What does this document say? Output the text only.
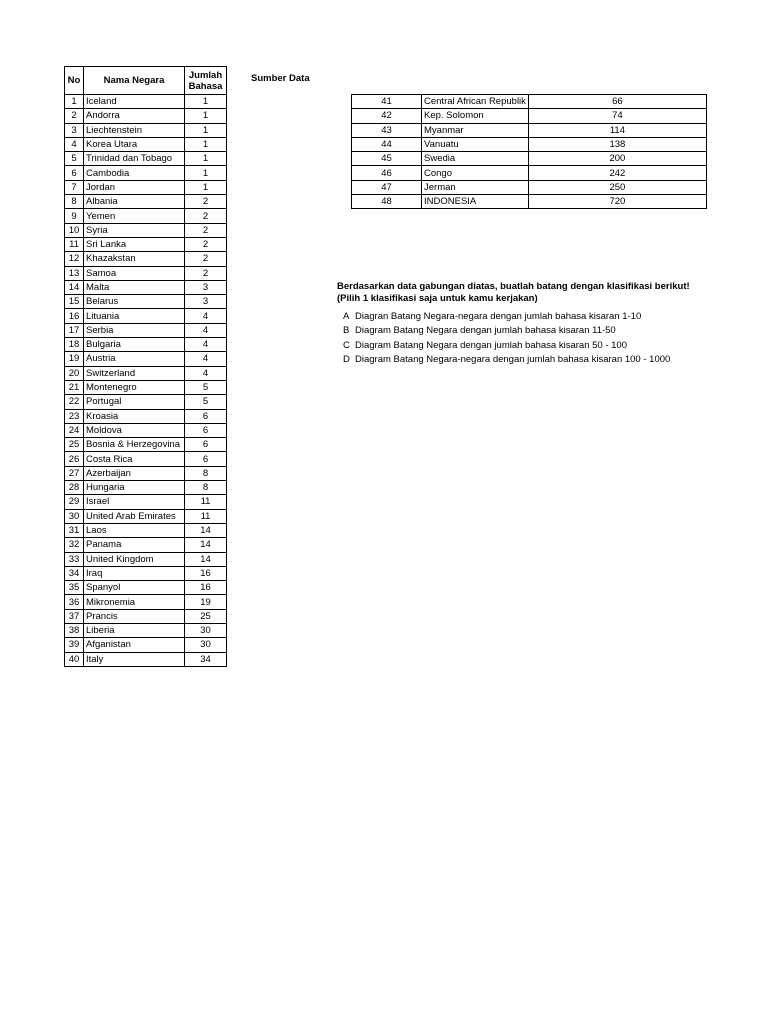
No	Nama Negara	Jumlah
Bahasa
1	Iceland	1
2	Andorra	1
3	Liechtenstein	1
4	Korea Utara	1
5	Trinidad dan Tobago	1
6	Cambodia	1
7	Jordan	1
8	Albania	2
9	Yemen	2
10	Syria	2
11	Sri Lanka	2
12	Khazakstan	2
13	Samoa	2
14	Malta	3
15	Belarus	3
16	Lituania	4
17	Serbia	4
18	Bulgaria	4
19	Austria	4
20	Switzerland	4
21	Montenegro	5
22	Portugal	5
23	Kroasia	6
24	Moldova	6
25	Bosnia & Herzegovina	6
26	Costa Rica	6
27	Azerbaijan	8
28	Hungaria	8
29	Israel	11
30	United Arab Emirates	11
31	Laos	14
32	Panama	14
33	United Kingdom	14
34	Iraq	16
35	Spanyol	16
36	Mikronemia	19
37	Prancis	25
38	Liberia	30
39	Afganistan	30
40	Italy	34
Sumber Data
41	Central African Republik	66
42	Kep. Solomon	74
43	Myanmar	114
44	Vanuatu	138
45	Swedia	200
46	Congo	242
47	Jerman	250
48	INDONESIA	720
Berdasarkan data gabungan diatas, buatlah batang dengan klasifikasi berikut!
(Pilih 1 klasifikasi saja untuk kamu kerjakan)
A Diagran Batang Negara-negara dengan jumlah bahasa kisaran 1-10
B Diagram Batang Negara dengan jumlah bahasa kisaran 11-50
C Diagram Batang Negara dengan jumlah bahasa kisaran 50 - 100
D Diagram Batang Negara-negara dengan jumlah bahasa kisaran 100 - 1000
